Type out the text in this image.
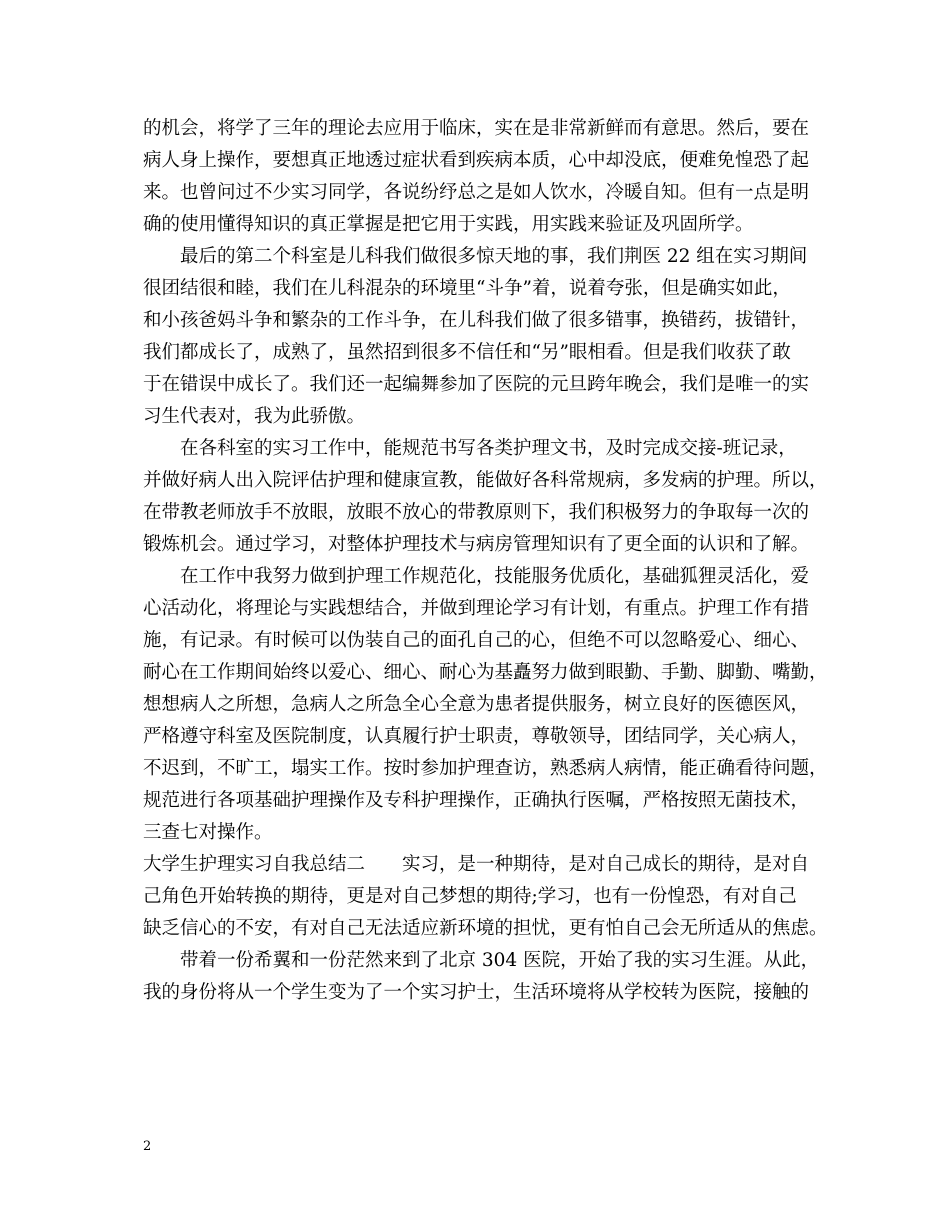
的机会，将学了三年的理论去应用于临床，实在是非常新鲜而有意思。然后，要在

病人身上操作，要想真正地透过症状看到疾病本质，心中却没底，便难免惶恐了起

来。也曾问过不少实习同学，各说纷纾总之是如人饮水，冷暖自知。但有一点是明

确的使用懂得知识的真正掌握是把它用于实践，用实践来验证及巩固所学。

　　最后的第二个科室是儿科我们做很多惊天地的事，我们荆医 22 组在实习期间

很团结很和睦，我们在儿科混杂的环境里“斗争”着，说着夸张，但是确实如此，

和小孩爸妈斗争和繁杂的工作斗争，在儿科我们做了很多错事，换错药，拔错针，

我们都成长了，成熟了，虽然招到很多不信任和“另”眼相看。但是我们收获了敢

于在错误中成长了。我们还一起编舞参加了医院的元旦跨年晚会，我们是唯一的实

习生代表对，我为此骄傲。

　　在各科室的实习工作中，能规范书写各类护理文书，及时完成交接-班记录，

并做好病人出入院评估护理和健康宣教，能做好各科常规病，多发病的护理。所以，

在带教老师放手不放眼，放眼不放心的带教原则下，我们积极努力的争取每一次的

锻炼机会。通过学习，对整体护理技术与病房管理知识有了更全面的认识和了解。

　　在工作中我努力做到护理工作规范化，技能服务优质化，基础狐狸灵活化，爱

心活动化，将理论与实践想结合，并做到理论学习有计划，有重点。护理工作有措

施，有记录。有时候可以伪装自己的面孔自己的心，但绝不可以忽略爱心、细心、

耐心在工作期间始终以爱心、细心、耐心为基矗努力做到眼勤、手勤、脚勤、嘴勤，

想想病人之所想，急病人之所急全心全意为患者提供服务，树立良好的医德医风，

严格遵守科室及医院制度，认真履行护士职责，尊敬领导，团结同学，关心病人，

不迟到，不旷工，塌实工作。按时参加护理查访，熟悉病人病情，能正确看待问题，

规范进行各项基础护理操作及专科护理操作，正确执行医嘱，严格按照无菌技术，

三查七对操作。

大学生护理实习自我总结二　　实习，是一种期待，是对自己成长的期待，是对自

己角色开始转换的期待，更是对自己梦想的期待;学习，也有一份惶恐，有对自己

缺乏信心的不安，有对自己无法适应新环境的担忧，更有怕自己会无所适从的焦虑。

　　带着一份希翼和一份茫然来到了北京 304 医院，开始了我的实习生涯。从此，

我的身份将从一个学生变为了一个实习护士，生活环境将从学校转为医院，接触的

2
